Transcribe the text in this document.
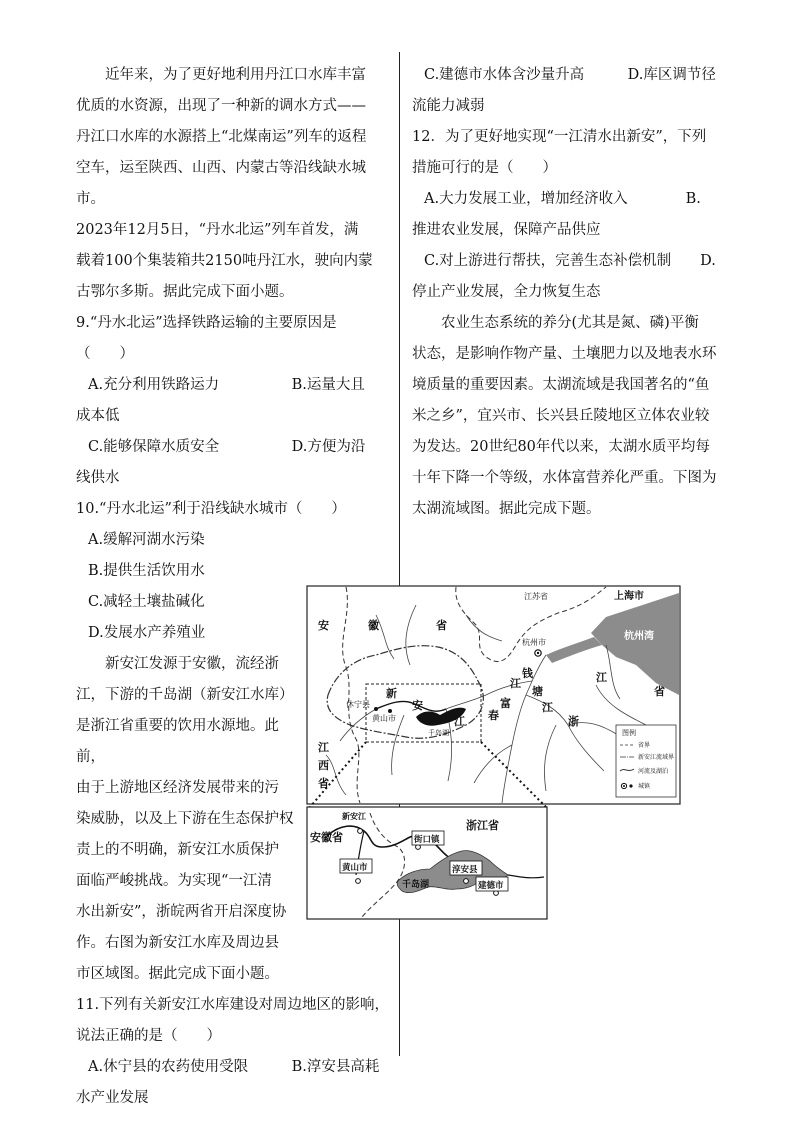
近年来，为了更好地利用丹江口水库丰富

优质的水资源，出现了一种新的调水方式——

丹江口水库的水源搭上“北煤南运”列车的返程

空车，运至陕西、山西、内蒙古等沿线缺水城市。

2023年12月5日，“丹水北运”列车首发，满

载着100个集装箱共2150吨丹江水，驶向内蒙

古鄂尔多斯。据此完成下面小题。

9.“丹水北运”选择铁路运输的主要原因是

（　　）

A.充分利用铁路运力　　　　　B.运量大且

成本低

C.能够保障水质安全　　　　　D.方便为沿

线供水

10.“丹水北运”利于沿线缺水城市（　　）

A.缓解河湖水污染

B.提供生活饮用水

C.减轻土壤盐碱化

D.发展水产养殖业

新安江发源于安徽，流经浙

江，下游的千岛湖（新安江水库）

是浙江省重要的饮用水源地。此前，

由于上游地区经济发展带来的污

染威胁，以及上下游在生态保护权

责上的不明确，新安江水质保护

面临严峻挑战。为实现“一江清

水出新安”，浙皖两省开启深度协

作。右图为新安江水库及周边县

市区域图。据此完成下面小题。

11.下列有关新安江水库建设对周边地区的影响，

说法正确的是（　　）

A.休宁县的农药使用受限　　　B.淳安县高耗

水产业发展

C.建德市水体含沙量升高　　　D.库区调节径

流能力减弱

12．为了更好地实现“一江清水出新安”，下列

措施可行的是（　　）

A.大力发展工业，增加经济收入　　　　B.

推进农业发展，保障产品供应

C.对上游进行帮扶，完善生态补偿机制　　D.

停止产业发展，全力恢复生态

农业生态系统的养分(尤其是氮、磷)平衡

状态，是影响作物产量、土壤肥力以及地表水环

境质量的重要因素。太湖流域是我国著名的“鱼

米之乡”，宜兴市、长兴县丘陵地区立体农业较

为发达。20世纪80年代以来，太湖水质平均每

十年下降一个等级，水体富营养化严重。下图为

太湖流域图。据此完成下题。

安	徽	省
浙
江
省
江
西
省
新
安
江
钱
塘
江
富
春
江
江苏省	上海市
杭州湾
杭州市
休宁县
黄山市
千岛湖	图例
省界
新安江流域界
河流及湖泊
城镇
安徽省
浙江省
新安江
街口镇
黄山市	淳安县
建德市
千岛湖
